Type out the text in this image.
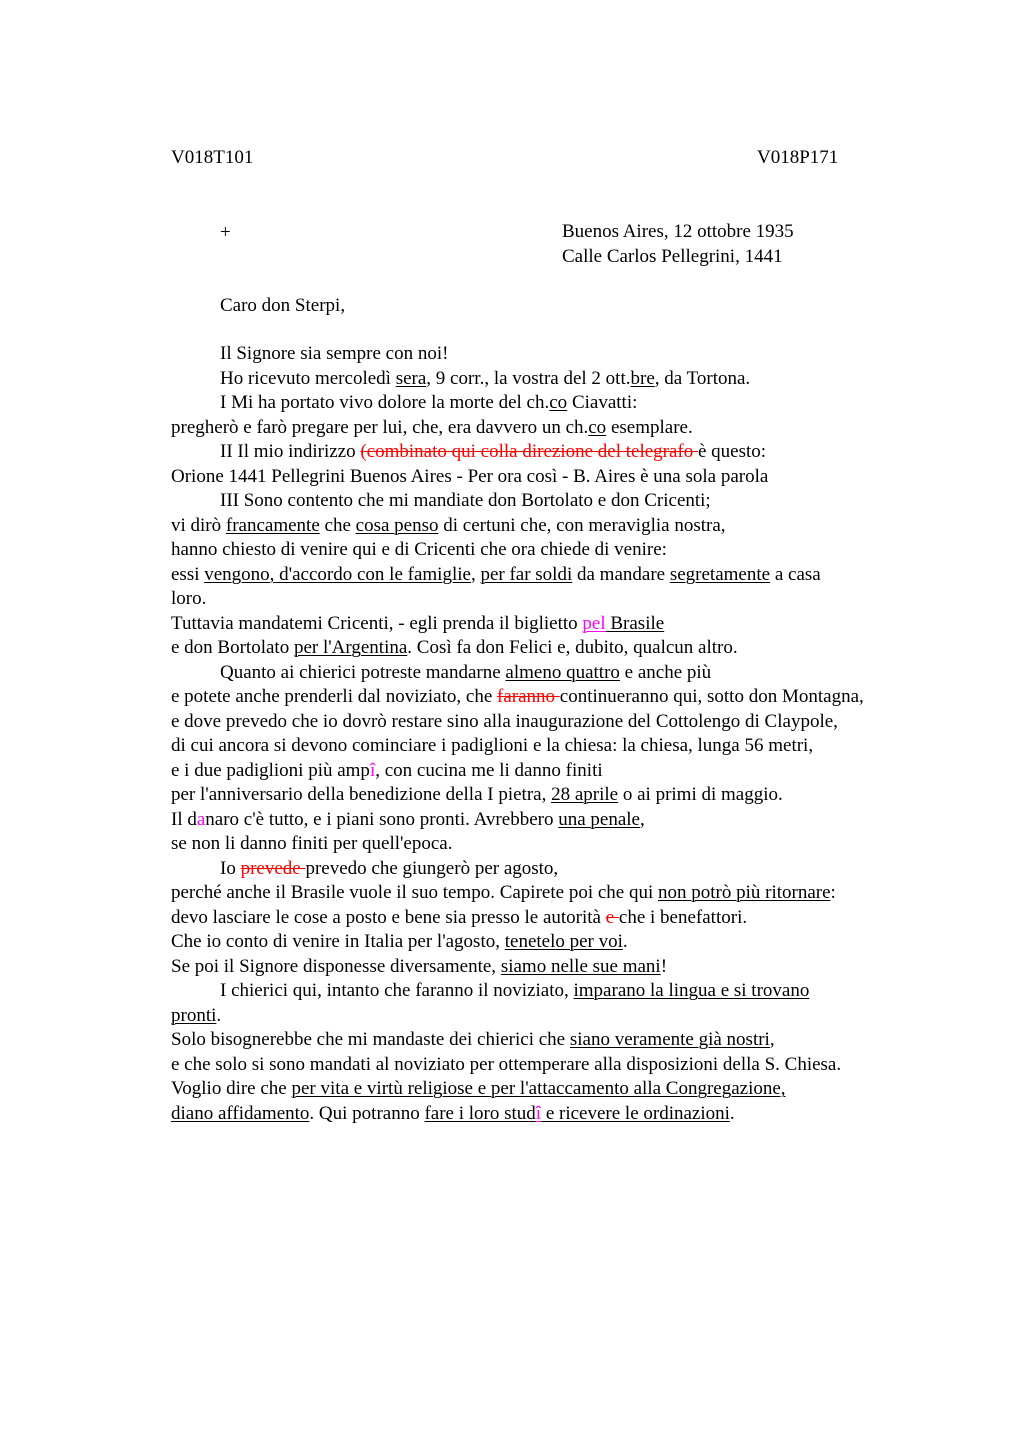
V018T101	V018P171
+	Buenos Aires, 12 ottobre 1935
Calle Carlos Pellegrini, 1441
Caro don Sterpi,
Il Signore sia sempre con noi!
Ho ricevuto mercoledì sera, 9 corr., la vostra del 2 ott.bre, da Tortona.
I Mi ha portato vivo dolore la morte del ch.co Ciavatti:
pregherò e farò pregare per lui, che, era davvero un ch.co esemplare.
II Il mio indirizzo (combinato qui colla direzione del telegrafo è questo:
Orione 1441 Pellegrini Buenos Aires - Per ora così - B. Aires è una sola parola
III Sono contento che mi mandiate don Bortolato e don Cricenti;
vi dirò francamente che cosa penso di certuni che, con meraviglia nostra,
hanno chiesto di venire qui e di Cricenti che ora chiede di venire:
essi vengono, d'accordo con le famiglie, per far soldi da mandare segretamente a casa
loro.
Tuttavia mandatemi Cricenti, - egli prenda il biglietto pel Brasile
e don Bortolato per l'Argentina. Così fa don Felici e, dubito, qualcun altro.
Quanto ai chierici potreste mandarne almeno quattro e anche più
e potete anche prenderli dal noviziato, che faranno continueranno qui, sotto don Montagna,
e dove prevedo che io dovrò restare sino alla inaugurazione del Cottolengo di Claypole,
di cui ancora si devono cominciare i padiglioni e la chiesa: la chiesa, lunga 56 metri,
e i due padiglioni più ampî, con cucina me li danno finiti
per l'anniversario della benedizione della I pietra, 28 aprile o ai primi di maggio.
Il danaro c'è tutto, e i piani sono pronti. Avrebbero una penale,
se non li danno finiti per quell'epoca.
Io prevede prevedo che giungerò per agosto,
perché anche il Brasile vuole il suo tempo. Capirete poi che qui non potrò più ritornare:
devo lasciare le cose a posto e bene sia presso le autorità e che i benefattori.
Che io conto di venire in Italia per l'agosto, tenetelo per voi.
Se poi il Signore disponesse diversamente, siamo nelle sue mani!
I chierici qui, intanto che faranno il noviziato, imparano la lingua e si trovano
pronti.
Solo bisognerebbe che mi mandaste dei chierici che siano veramente già nostri,
e che solo si sono mandati al noviziato per ottemperare alla disposizioni della S. Chiesa.
Voglio dire che per vita e virtù religiose e per l'attaccamento alla Congregazione,
diano affidamento. Qui potranno fare i loro studî e ricevere le ordinazioni.
